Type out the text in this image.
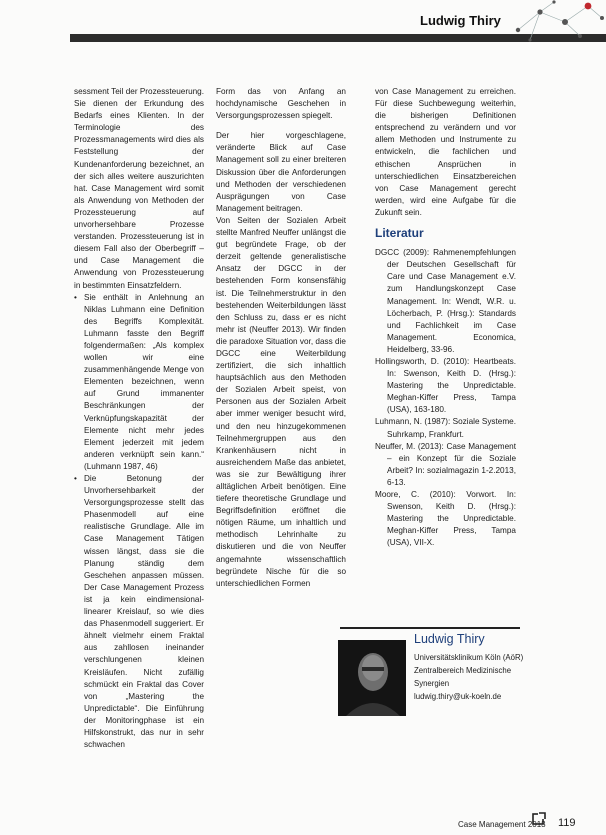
Ludwig Thiry

sessment Teil der Prozessteuerung. Sie dienen der Erkundung des Bedarfs eines Klienten. In der Terminologie des Prozessmanagements wird dies als Feststellung der Kundenanforderung bezeichnet, an der sich alles weitere auszurichten hat. Case Management wird somit als Anwendung von Methoden der Prozessteuerung auf unvorhersehbare Prozesse verstanden. Prozessteuerung ist in diesem Fall also der Oberbegriff – und Case Management die Anwendung von Prozessteuerung in bestimmten Einsatzfeldern.

• Sie enthält in Anlehnung an Niklas Luhmann eine Definition des Begriffs Komplexität. Luhmann fasste den Begriff folgendermaßen: „Als komplex wollen wir eine zusammenhängende Menge von Elementen bezeichnen, wenn auf Grund immanenter Beschränkungen der Verknüpfungskapazität der Elemente nicht mehr jedes Element jederzeit mit jedem anderen verknüpft sein kann.“ (Luhmann 1987, 46)
• Die Betonung der Unvorhersehbarkeit der Versorgungsprozesse stellt das Phasenmodell auf eine realistische Grundlage. Alle im Case Management Tätigen wissen längst, dass sie die Planung ständig dem Geschehen anpassen müssen. Der Case Management Prozess ist ja kein eindimensional-linearer Kreislauf, so wie dies das Phasenmodell suggeriert. Er ähnelt vielmehr einem Fraktal aus zahllosen ineinander verschlungenen kleinen Kreisläufen. Nicht zufällig schmückt ein Fraktal das Cover von „Mastering the Unpredictable“. Die Einführung der Monitoringphase ist ein Hilfskonstrukt, das nur in sehr schwachen

Form das von Anfang an hochdynamische Geschehen in Versorgungsprozessen spiegelt.

Der hier vorgeschlagene, veränderte Blick auf Case Management soll zu einer breiteren Diskussion über die Anforderungen und Methoden der verschiedenen Ausprägungen von Case Management beitragen.

Von Seiten der Sozialen Arbeit stellte Manfred Neuffer unlängst die gut begründete Frage, ob der derzeit geltende generalistische Ansatz der DGCC in der bestehenden Form konsensfähig ist. Die Teilnehmerstruktur in den bestehenden Weiterbildungen lässt den Schluss zu, dass er es nicht mehr ist (Neuffer 2013). Wir finden die paradoxe Situation vor, dass die DGCC eine Weiterbildung zertifiziert, die sich inhaltlich hauptsächlich aus den Methoden der Sozialen Arbeit speist, von Personen aus der Sozialen Arbeit aber immer weniger besucht wird, und den neu hinzugekommenen Teilnehmergruppen aus den Krankenhäusern nicht in ausreichendem Maße das anbietet, was sie zur Bewältigung ihrer alltäglichen Arbeit benötigen. Eine tiefere theoretische Grundlage und Begriffsdefinition eröffnet die nötigen Räume, um inhaltlich und methodisch Lehrinhalte zu diskutieren und die von Neuffer angemahnte wissenschaftlich begründete Nische für die so unterschiedlichen Formen

von Case Management zu erreichen. Für diese Suchbewegung weiterhin, die bisherigen Definitionen entsprechend zu verändern und vor allem Methoden und Instrumente zu entwickeln, die fachlichen und ethischen Ansprüchen in unterschiedlichen Einsatzbereichen von Case Management gerecht werden, wird eine Aufgabe für die Zukunft sein.

Literatur

DGCC (2009): Rahmenempfehlungen der Deutschen Gesellschaft für Care und Case Management e.V. zum Handlungskonzept Case Management. In: Wendt, W.R. u. Löcherbach, P. (Hrsg.): Standards und Fachlichkeit im Case Management. Economica, Heidelberg, 33-96.

Hollingsworth, D. (2010): Heartbeats. In: Swenson, Keith D. (Hrsg.): Mastering the Unpredictable. Meghan-Kiffer Press, Tampa (USA), 163-180.

Luhmann, N. (1987): Soziale Systeme. Suhrkamp, Frankfurt.

Neuffer, M. (2013): Case Management – ein Konzept für die Soziale Arbeit? In: sozialmagazin 1-2.2013, 6-13.

Moore, C. (2010): Vorwort. In: Swenson, Keith D. (Hrsg.): Mastering the Unpredictable. Meghan-Kiffer Press, Tampa (USA), VII-X.

Ludwig Thiry
Universitätsklinikum Köln (AöR)
Zentralbereich Medizinische
Synergien
ludwig.thiry@uk-koeln.de
Case Management 2013 119
